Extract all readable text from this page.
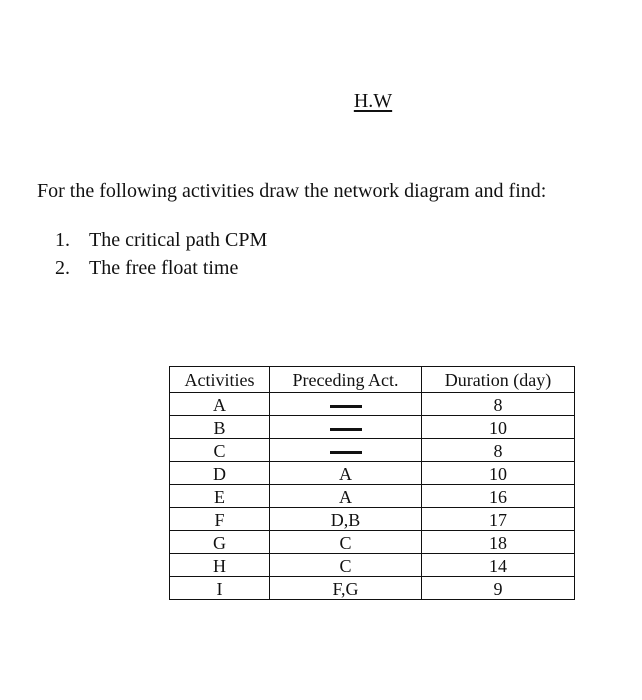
H.W
For the following activities draw the network diagram and find:
1. The critical path CPM
2. The free float time
Activities	Preceding Act.	Duration (day)
A		8
B		10
C		8
D	A	10
E	A	16
F	D,B	17
G	C	18
H	C	14
I	F,G	9
